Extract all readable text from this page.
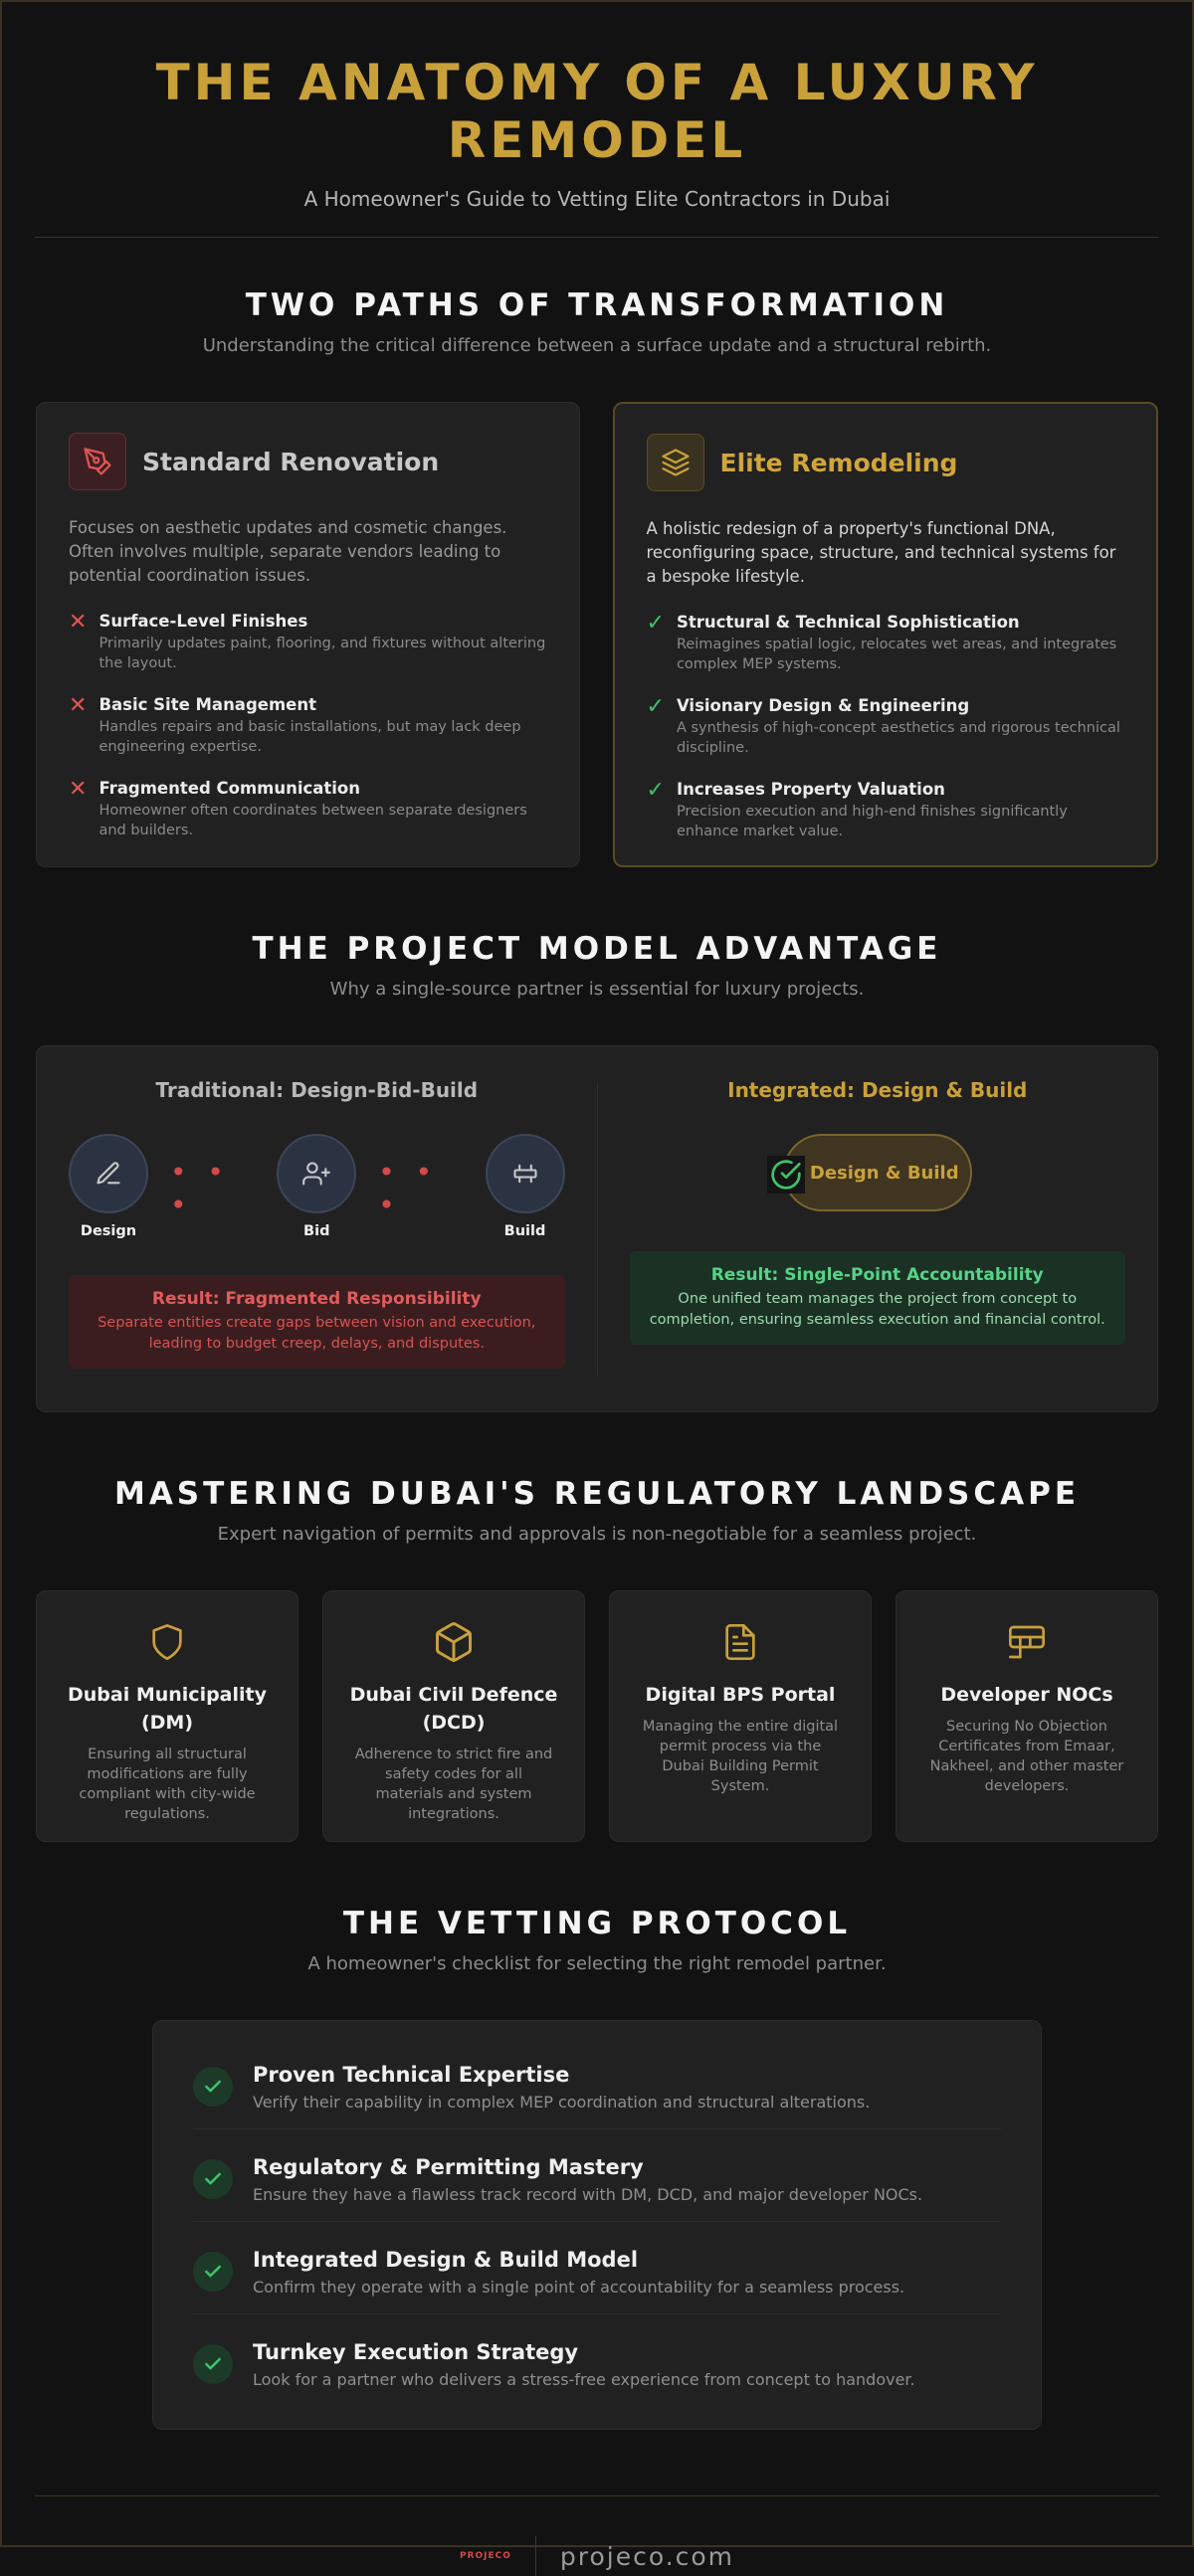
THE ANATOMY OF A LUXURY REMODEL
A Homeowner's Guide to Vetting Elite Contractors in Dubai
TWO PATHS OF TRANSFORMATION
Understanding the critical difference between a surface update and a structural rebirth.
Standard Renovation
Focuses on aesthetic updates and cosmetic changes. Often involves multiple, separate vendors leading to potential coordination issues.
✕ Surface-Level Finishes
Primarily updates paint, flooring, and fixtures without altering the layout.
✕ Basic Site Management
Handles repairs and basic installations, but may lack deep engineering expertise.
✕ Fragmented Communication
Homeowner often coordinates between separate designers and builders.
Elite Remodeling
A holistic redesign of a property's functional DNA, reconfiguring space, structure, and technical systems for a bespoke lifestyle.
✓ Structural & Technical Sophistication
Reimagines spatial logic, relocates wet areas, and integrates complex MEP systems.
✓ Visionary Design & Engineering
A synthesis of high-concept aesthetics and rigorous technical discipline.
✓ Increases Property Valuation
Precision execution and high-end finishes significantly enhance market value.
THE PROJECT MODEL ADVANTAGE
Why a single-source partner is essential for luxury projects.
Traditional: Design-Bid-Build
Design
• • •
Bid
• • •
Build
Result: Fragmented Responsibility
Separate entities create gaps between vision and execution, leading to budget creep, delays, and disputes.
Integrated: Design & Build
Design & Build
Result: Single-Point Accountability
One unified team manages the project from concept to completion, ensuring seamless execution and financial control.
MASTERING DUBAI'S REGULATORY LANDSCAPE
Expert navigation of permits and approvals is non-negotiable for a seamless project.
Dubai Municipality (DM)
Ensuring all structural modifications are fully compliant with city-wide regulations.
Dubai Civil Defence (DCD)
Adherence to strict fire and safety codes for all materials and system integrations.
Digital BPS Portal
Managing the entire digital permit process via the Dubai Building Permit System.
Developer NOCs
Securing No Objection Certificates from Emaar, Nakheel, and other master developers.
THE VETTING PROTOCOL
A homeowner's checklist for selecting the right remodel partner.
Proven Technical Expertise
Verify their capability in complex MEP coordination and structural alterations.
Regulatory & Permitting Mastery
Ensure they have a flawless track record with DM, DCD, and major developer NOCs.
Integrated Design & Build Model
Confirm they operate with a single point of accountability for a seamless process.
Turnkey Execution Strategy
Look for a partner who delivers a stress-free experience from concept to handover.
PROJECO projeco.com
